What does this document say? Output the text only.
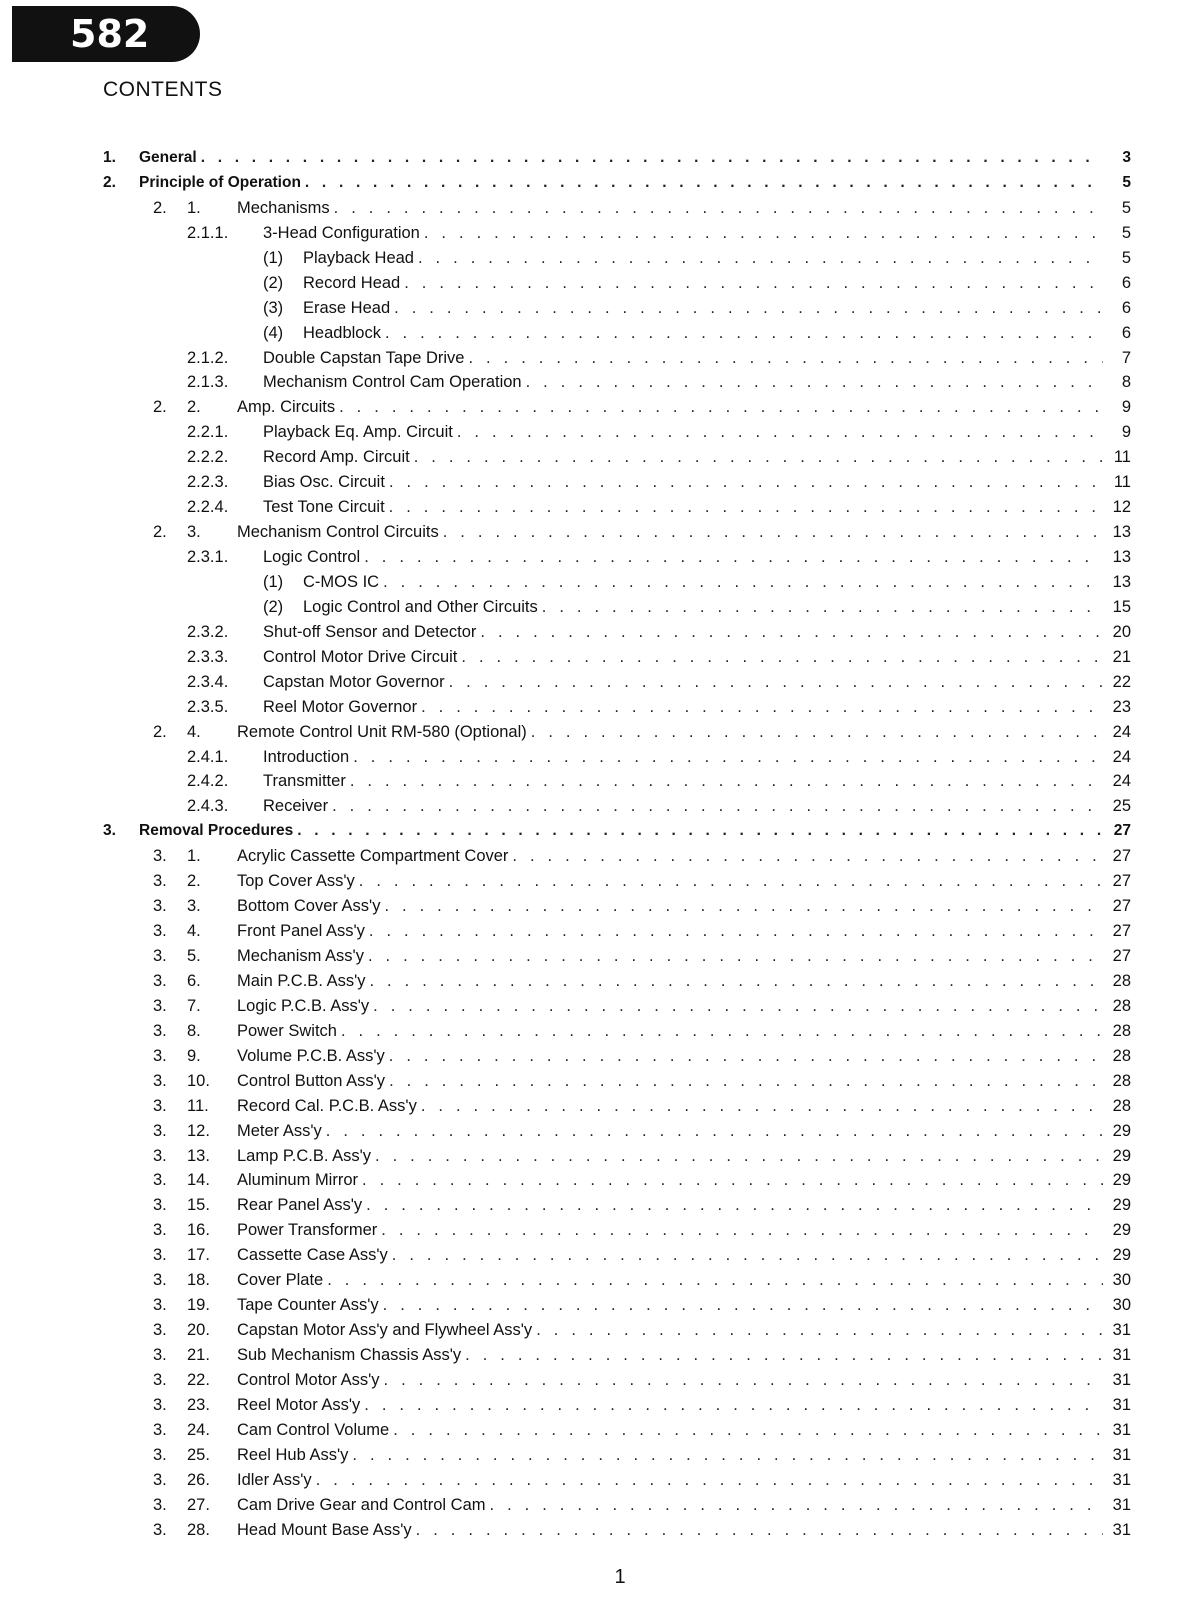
582
CONTENTS
1. General . . .	3
2. Principle of Operation . . .	5
2. 1. Mechanisms . . .	5
2.1.1. 3-Head Configuration . . .	5
(1) Playback Head . . .	5
(2) Record Head . . .	6
(3) Erase Head . . .	6
(4) Headblock . . .	6
2.1.2. Double Capstan Tape Drive . . .	7
2.1.3. Mechanism Control Cam Operation . . .	8
2. 2. Amp. Circuits . . .	9
2.2.1. Playback Eq. Amp. Circuit . . .	9
2.2.2. Record Amp. Circuit . . .	11
2.2.3. Bias Osc. Circuit . . .	11
2.2.4. Test Tone Circuit . . .	12
2. 3. Mechanism Control Circuits . . .	13
2.3.1. Logic Control . . .	13
(1) C-MOS IC . . .	13
(2) Logic Control and Other Circuits . . .	15
2.3.2. Shut-off Sensor and Detector . . .	20
2.3.3. Control Motor Drive Circuit . . .	21
2.3.4. Capstan Motor Governor . . .	22
2.3.5. Reel Motor Governor . . .	23
2. 4. Remote Control Unit RM-580 (Optional) . . .	24
2.4.1. Introduction . . .	24
2.4.2. Transmitter . . .	24
2.4.3. Receiver . . .	25
3. Removal Procedures . . .	27
3. 1. Acrylic Cassette Compartment Cover . . .	27
3. 2. Top Cover Ass'y . . .	27
3. 3. Bottom Cover Ass'y . . .	27
3. 4. Front Panel Ass'y . . .	27
3. 5. Mechanism Ass'y . . .	27
3. 6. Main P.C.B. Ass'y . . .	28
3. 7. Logic P.C.B. Ass'y . . .	28
3. 8. Power Switch . . .	28
3. 9. Volume P.C.B. Ass'y . . .	28
3. 10. Control Button Ass'y . . .	28
3. 11. Record Cal. P.C.B. Ass'y . . .	28
3. 12. Meter Ass'y . . .	29
3. 13. Lamp P.C.B. Ass'y . . .	29
3. 14. Aluminum Mirror . . .	29
3. 15. Rear Panel Ass'y . . .	29
3. 16. Power Transformer . . .	29
3. 17. Cassette Case Ass'y . . .	29
3. 18. Cover Plate . . .	30
3. 19. Tape Counter Ass'y . . .	30
3. 20. Capstan Motor Ass'y and Flywheel Ass'y . . .	31
3. 21. Sub Mechanism Chassis Ass'y . . .	31
3. 22. Control Motor Ass'y . . .	31
3. 23. Reel Motor Ass'y . . .	31
3. 24. Cam Control Volume . . .	31
3. 25. Reel Hub Ass'y . . .	31
3. 26. Idler Ass'y . . .	31
3. 27. Cam Drive Gear and Control Cam . . .	31
3. 28. Head Mount Base Ass'y . . .	31
1
